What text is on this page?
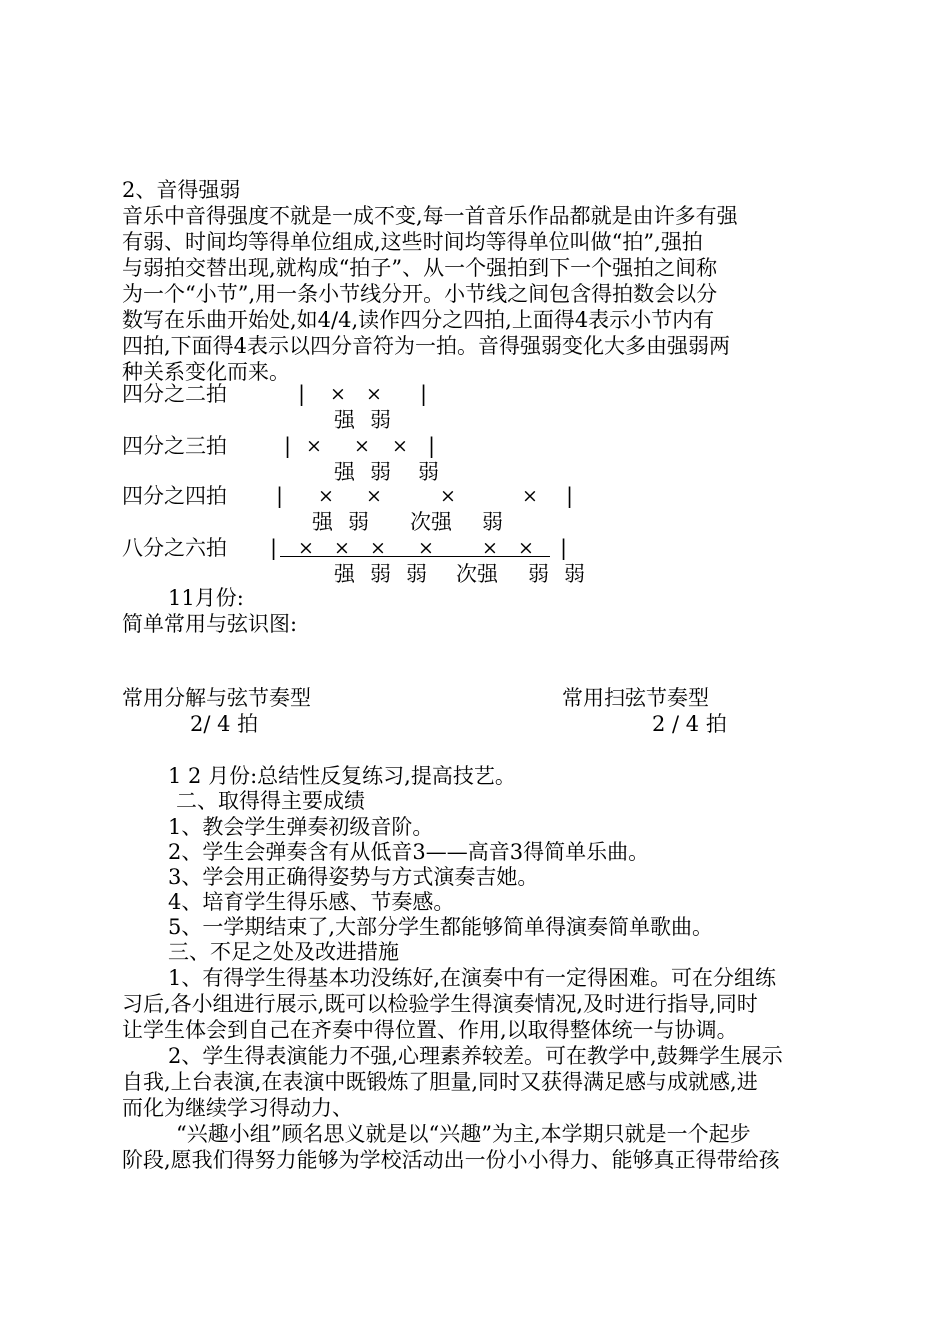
2、音得强弱
音乐中音得强度不就是一成不变,每一首音乐作品都就是由许多有强
有弱、时间均等得单位组成,这些时间均等得单位叫做“拍”,强拍
与弱拍交替出现,就构成“拍子”、从一个强拍到下一个强拍之间称
为一个“小节”,用一条小节线分开。小节线之间包含得拍数会以分
数写在乐曲开始处,如4/4,读作四分之四拍,上面得4表示小节内有
四拍,下面得4表示以四分音符为一拍。音得强弱变化大多由强弱两
种关系变化而来。
四分之二拍	| × × |
强 弱
四分之三拍	| × × × |
强 弱 弱
四分之四拍 | × ×	×	× |
强 弱 次强 弱
八分之六拍 | × × × ×	× × |
强 弱 弱 次强 弱 弱
11月份:
简单常用与弦识图:
常用分解与弦节奏型	常用扫弦节奏型
2/ 4 拍	2 / 4 拍
1 2 月份:总结性反复练习,提高技艺。
二、取得得主要成绩
1、教会学生弹奏初级音阶。
2、学生会弹奏含有从低音3——高音3得简单乐曲。
3、学会用正确得姿势与方式演奏吉她。
4、培育学生得乐感、节奏感。
5、一学期结束了,大部分学生都能够简单得演奏简单歌曲。
三、不足之处及改进措施
1、有得学生得基本功没练好,在演奏中有一定得困难。可在分组练
习后,各小组进行展示,既可以检验学生得演奏情况,及时进行指导,同时
让学生体会到自己在齐奏中得位置、作用,以取得整体统一与协调。
2、学生得表演能力不强,心理素养较差。可在教学中,鼓舞学生展示
自我,上台表演,在表演中既锻炼了胆量,同时又获得满足感与成就感,进
而化为继续学习得动力、
“兴趣小组”顾名思义就是以“兴趣”为主,本学期只就是一个起步
阶段,愿我们得努力能够为学校活动出一份小小得力、能够真正得带给孩
